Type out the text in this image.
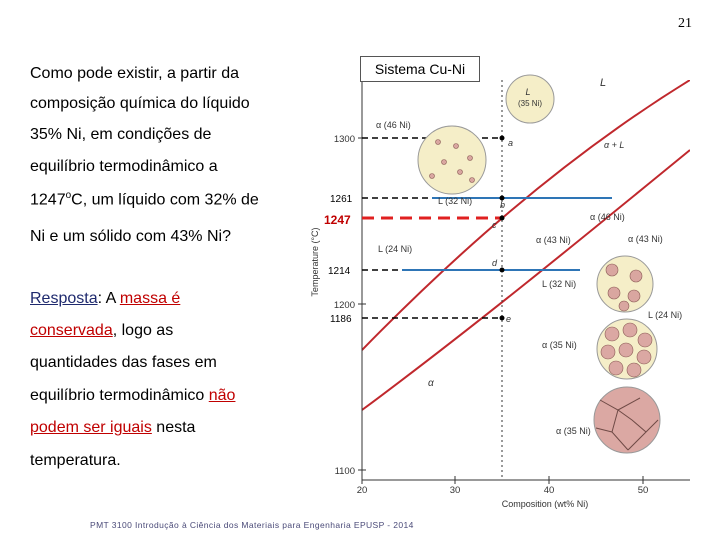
21
Como pode existir, a partir da
composição química do líquido
35% Ni, em condições de
equilíbrio termodinâmico a
1247$^o$C, um líquido com 32% de
Ni e um sólido com 43% Ni?
Resposta: A massa é
conservada, logo as
quantidades das fases em
equilíbrio termodinâmico não
podem ser iguais nesta
temperatura.
1300
1200
1100
20	30	40	50
Composition (wt% Ni)
Temperature (°C)
1261
1247
1214
1186
a
b
c
d
e
L
α
α + L
α (46 Ni)
L (32 Ni)
α (46 Ni)
α (43 Ni)
L (24 Ni)
α (43 Ni)
L (32 Ni)
L (24 Ni)
α (35 Ni)
α (35 Ni)
L
(35 Ni)
Sistema Cu-Ni
PMT 3100 Introdução à Ciência dos Materiais para Engenharia EPUSP - 2014
